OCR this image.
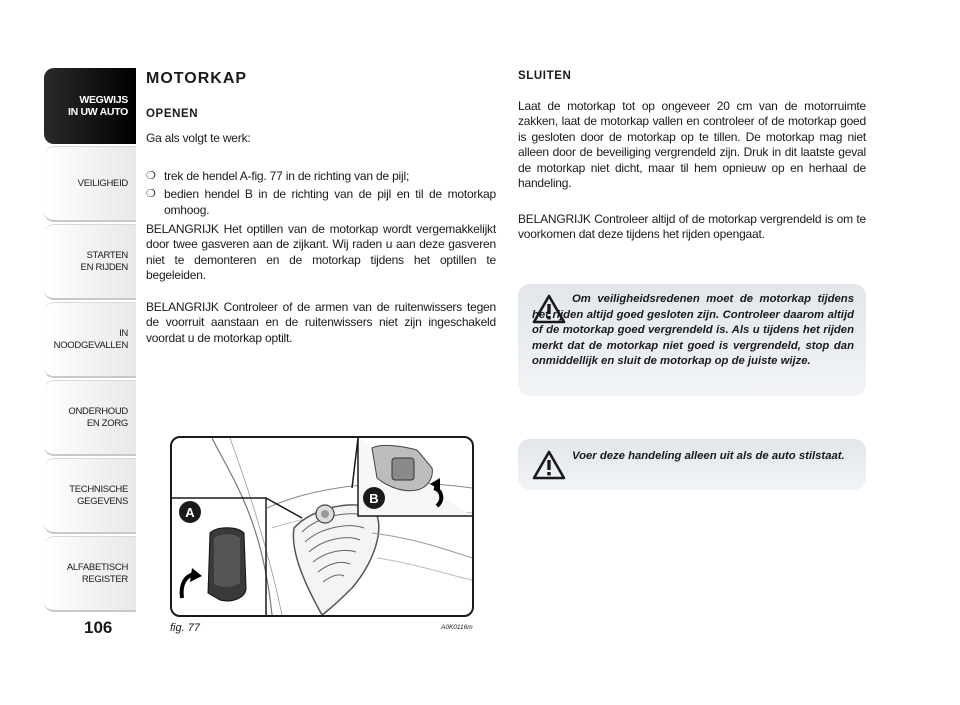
WEGWIJS
IN UW AUTO
VEILIGHEID
STARTEN
EN RIJDEN
IN NOODGEVALLEN
ONDERHOUD
EN ZORG
TECHNISCHE
GEGEVENS
ALFABETISCH
REGISTER
106
MOTORKAP

OPENEN

Ga als volgt te werk:

❍ trek de hendel A-fig. 77 in de richting van de pijl;
❍ bedien hendel B in de richting van de pijl en til de motorkap omhoog.

BELANGRIJK Het optillen van de motorkap wordt vergemakkelijkt door twee gasveren aan de zijkant. Wij raden u aan deze gasveren niet te demonteren en de motorkap tijdens het optillen te begeleiden.

BELANGRIJK Controleer of de armen van de ruitenwissers tegen de voorruit aanstaan en de ruitenwissers niet zijn ingeschakeld voordat u de motorkap optilt.

SLUITEN

Laat de motorkap tot op ongeveer 20 cm van de motorruimte zakken, laat de motorkap vallen en controleer of de motorkap goed is gesloten door de motorkap op te tillen. De motorkap mag niet alleen door de beveiliging vergrendeld zijn. Druk in dit laatste geval de motorkap niet dicht, maar til hem opnieuw op en herhaal de handeling.

BELANGRIJK Controleer altijd of de motorkap vergrendeld is om te voorkomen dat deze tijdens het rijden opengaat.

Om veiligheidsredenen moet de motorkap tijdens het rijden altijd goed gesloten zijn. Controleer daarom altijd of de motorkap goed vergrendeld is. Als u tijdens het rijden merkt dat de motorkap niet goed is vergrendeld, stop dan onmiddellijk en sluit de motorkap op de juiste wijze.
Voer deze handeling alleen uit als de auto stilstaat.
A
B
fig. 77	A0K0116m
